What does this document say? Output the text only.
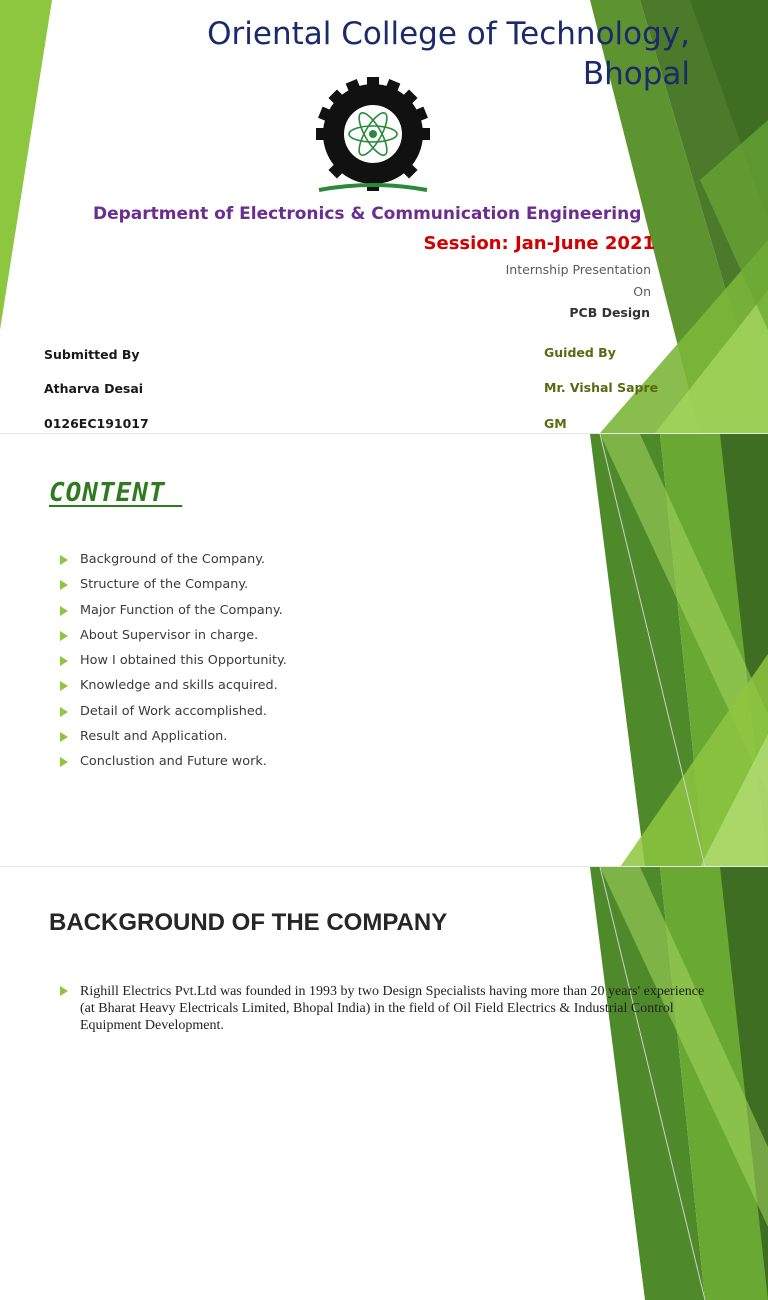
Oriental College of Technology,
Bhopal
Department of Electronics & Communication Engineering
Session: Jan-June 2021
Internship Presentation
On
PCB Design
Submitted By
Atharva Desai
0126EC191017
Guided By
Mr. Vishal Sapre
GM
CONTENT
Background of the Company.
Structure of the Company.
Major Function of the Company.
About Supervisor in charge.
How I obtained this Opportunity.
Knowledge and skills acquired.
Detail of Work accomplished.
Result and Application.
Conclustion and Future work.
BACKGROUND OF THE COMPANY
Righill Electrics Pvt.Ltd was founded in 1993 by two Design Specialists having more than 20 years' experience (at Bharat Heavy Electricals Limited, Bhopal India) in the field of Oil Field Electrics & Industrial Control Equipment Development.
